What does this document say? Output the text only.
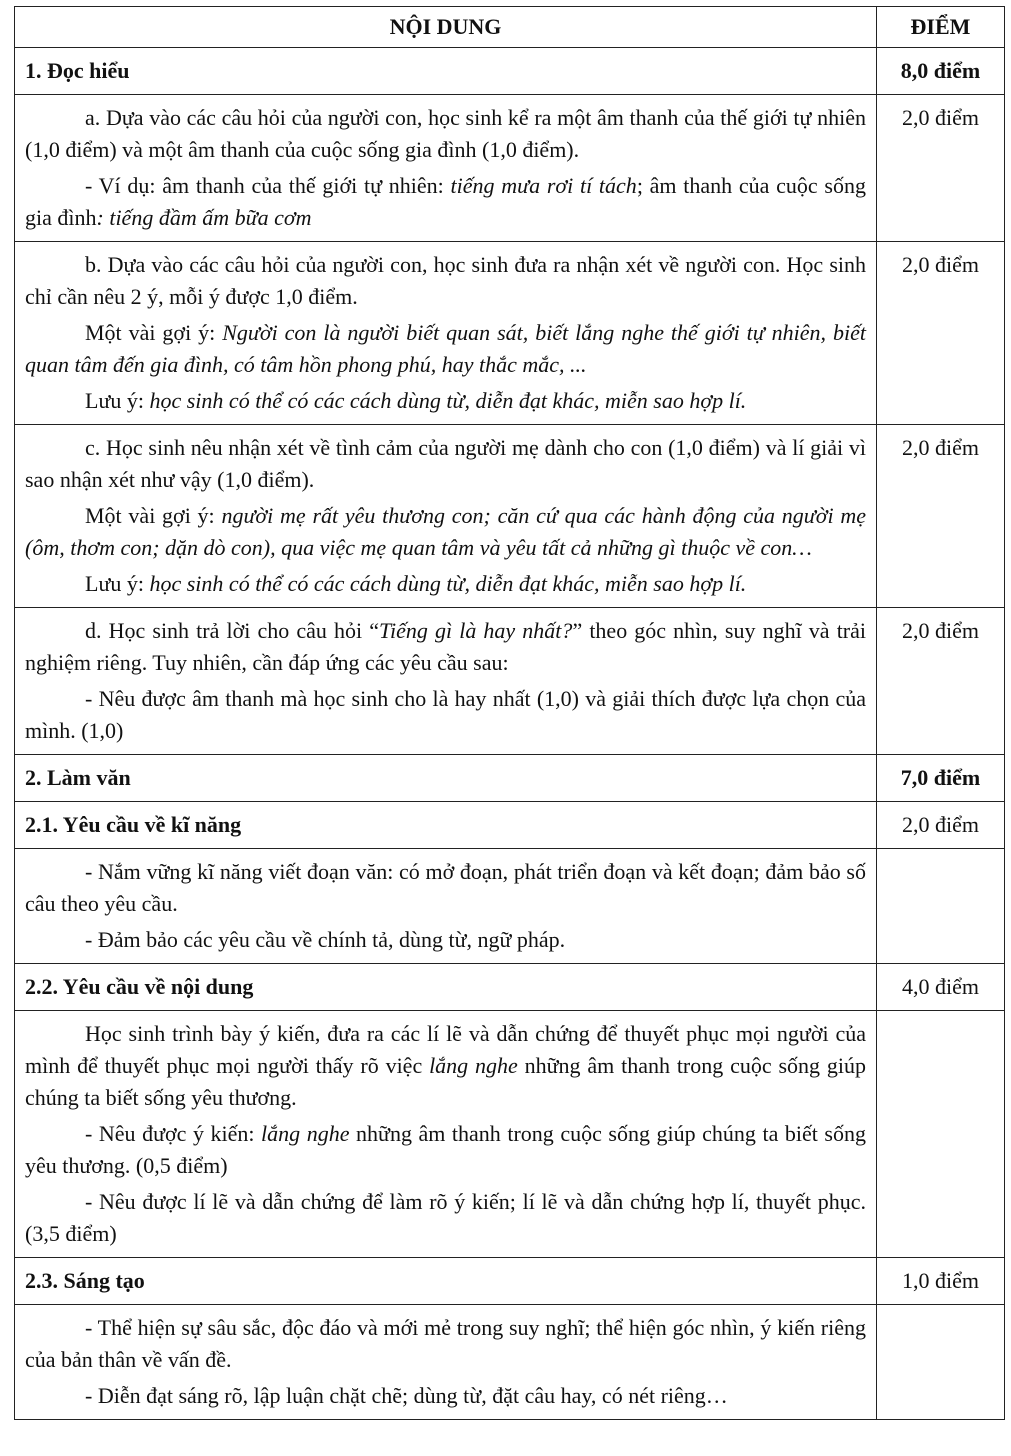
NỘI DUNG	ĐIỂM
1. Đọc hiểu	8,0 điểm

a. Dựa vào các câu hỏi của người con, học sinh kể ra một âm thanh của thế giới tự nhiên (1,0 điểm) và một âm thanh của cuộc sống gia đình (1,0 điểm).

- Ví dụ: âm thanh của thế giới tự nhiên: tiếng mưa rơi tí tách; âm thanh của cuộc sống gia đình: tiếng đầm ấm bữa cơm	2,0 điểm

b. Dựa vào các câu hỏi của người con, học sinh đưa ra nhận xét về người con. Học sinh chỉ cần nêu 2 ý, mỗi ý được 1,0 điểm.

Một vài gợi ý: Người con là người biết quan sát, biết lắng nghe thế giới tự nhiên, biết quan tâm đến gia đình, có tâm hồn phong phú, hay thắc mắc, ...

Lưu ý: học sinh có thể có các cách dùng từ, diễn đạt khác, miễn sao hợp lí.	2,0 điểm

c. Học sinh nêu nhận xét về tình cảm của người mẹ dành cho con (1,0 điểm) và lí giải vì sao nhận xét như vậy (1,0 điểm).

Một vài gợi ý: người mẹ rất yêu thương con; căn cứ qua các hành động của người mẹ (ôm, thơm con; dặn dò con), qua việc mẹ quan tâm và yêu tất cả những gì thuộc về con…

Lưu ý: học sinh có thể có các cách dùng từ, diễn đạt khác, miễn sao hợp lí.	2,0 điểm

d. Học sinh trả lời cho câu hỏi “Tiếng gì là hay nhất?” theo góc nhìn, suy nghĩ và trải nghiệm riêng. Tuy nhiên, cần đáp ứng các yêu cầu sau:

- Nêu được âm thanh mà học sinh cho là hay nhất (1,0) và giải thích được lựa chọn của mình. (1,0)	2,0 điểm
2. Làm văn	7,0 điểm
2.1. Yêu cầu về kĩ năng	2,0 điểm

- Nắm vững kĩ năng viết đoạn văn: có mở đoạn, phát triển đoạn và kết đoạn; đảm bảo số câu theo yêu cầu.

- Đảm bảo các yêu cầu về chính tả, dùng từ, ngữ pháp.	

2.2. Yêu cầu về nội dung	4,0 điểm

Học sinh trình bày ý kiến, đưa ra các lí lẽ và dẫn chứng để thuyết phục mọi người của mình để thuyết phục mọi người thấy rõ việc lắng nghe những âm thanh trong cuộc sống giúp chúng ta biết sống yêu thương.

- Nêu được ý kiến: lắng nghe những âm thanh trong cuộc sống giúp chúng ta biết sống yêu thương. (0,5 điểm)

- Nêu được lí lẽ và dẫn chứng để làm rõ ý kiến; lí lẽ và dẫn chứng hợp lí, thuyết phục. (3,5 điểm)	

2.3. Sáng tạo	1,0 điểm

- Thể hiện sự sâu sắc, độc đáo và mới mẻ trong suy nghĩ; thể hiện góc nhìn, ý kiến riêng của bản thân về vấn đề.

- Diễn đạt sáng rõ, lập luận chặt chẽ; dùng từ, đặt câu hay, có nét riêng…	
